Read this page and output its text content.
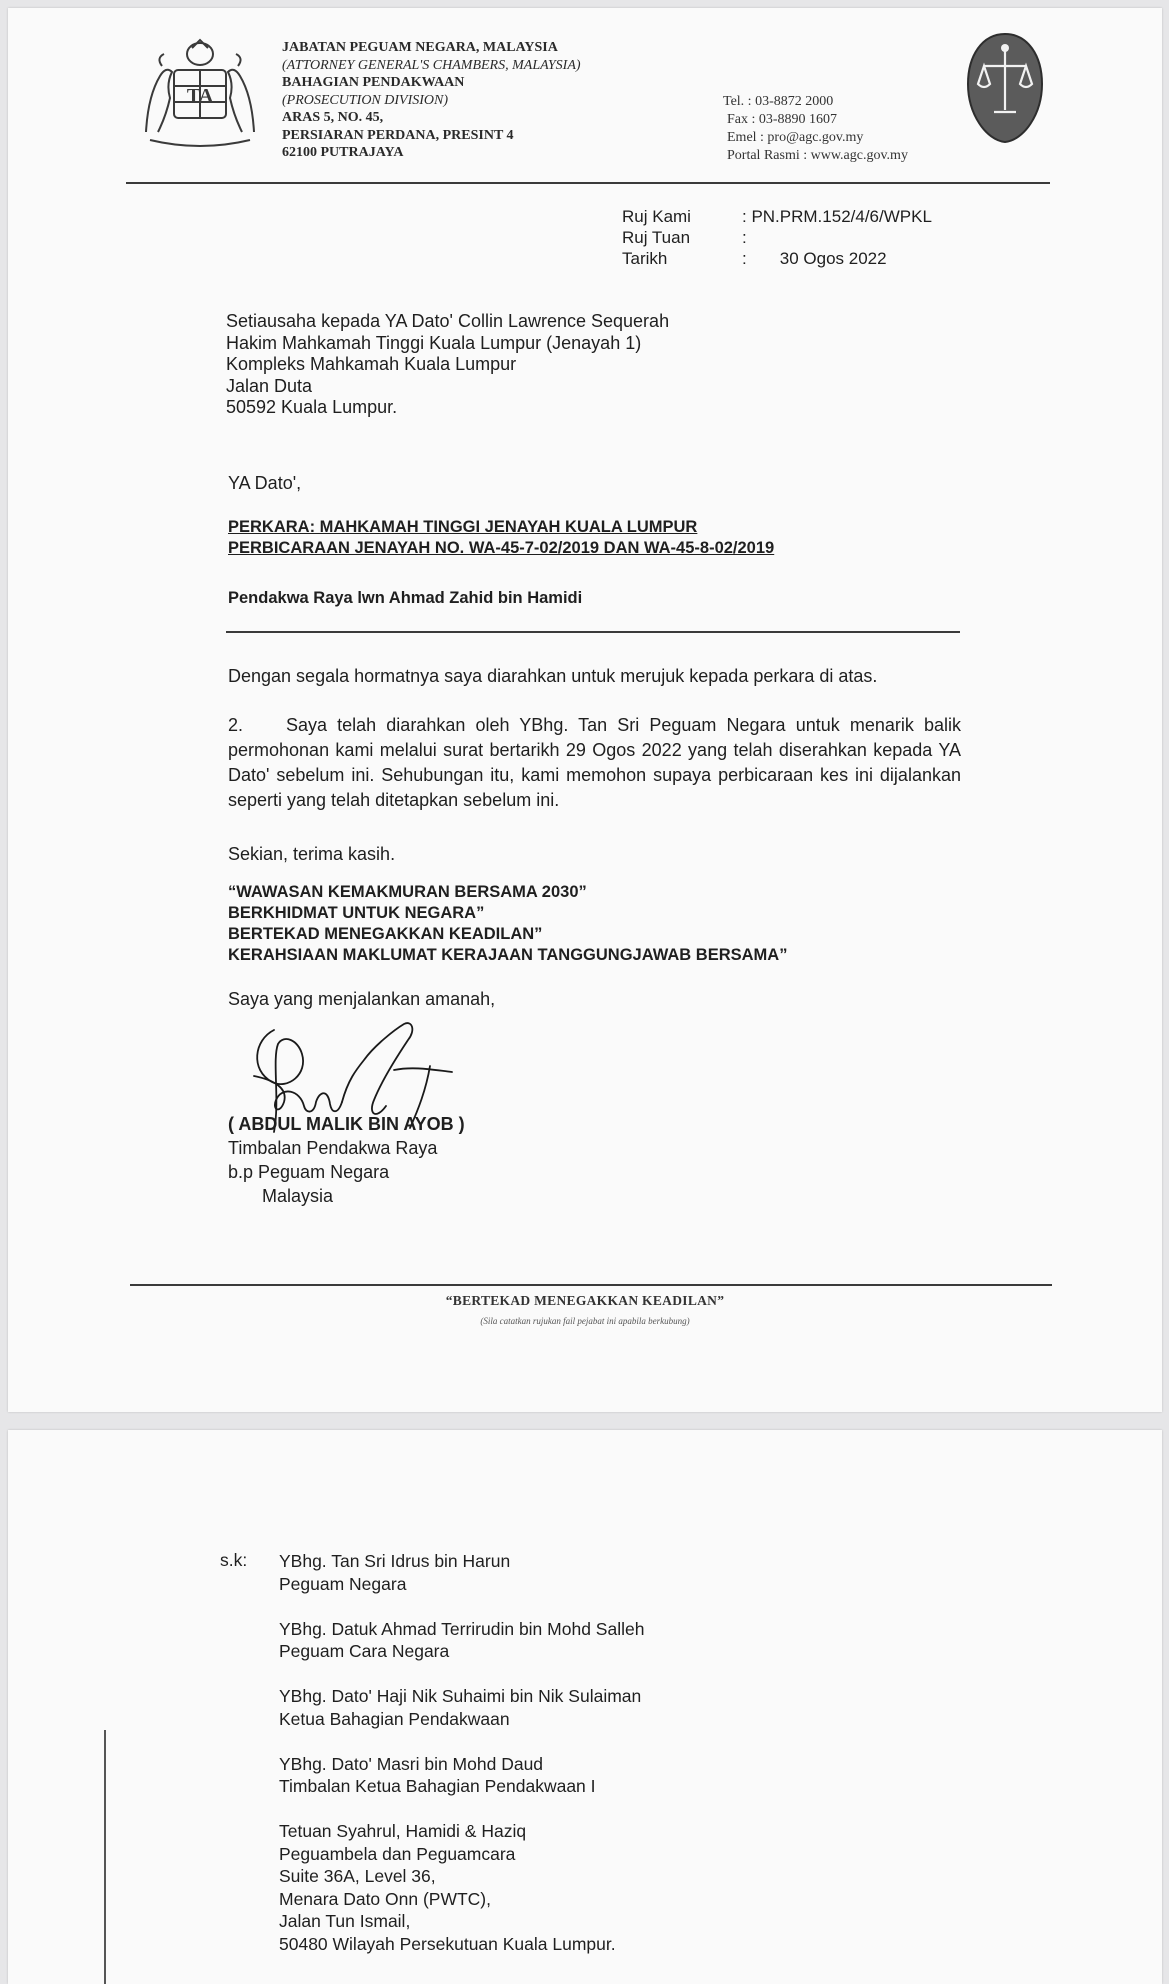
TA
JABATAN PEGUAM NEGARA, MALAYSIA
(ATTORNEY GENERAL'S CHAMBERS, MALAYSIA)
BAHAGIAN PENDAKWAAN
(PROSECUTION DIVISION)
ARAS 5, NO. 45,
PERSIARAN PERDANA, PRESINT 4
62100 PUTRAJAYA
Tel. : 03-8872 2000
Fax : 03-8890 1607
Emel : pro@agc.gov.my
Portal Rasmi : www.agc.gov.my
Ruj Kami	: PN.PRM.152/4/6/WPKL
Ruj Tuan	:
Tarikh	:       30 Ogos 2022
Setiausaha kepada YA Dato' Collin Lawrence Sequerah
Hakim Mahkamah Tinggi Kuala Lumpur (Jenayah 1)
Kompleks Mahkamah Kuala Lumpur
Jalan Duta
50592 Kuala Lumpur.
YA Dato',
PERKARA: MAHKAMAH TINGGI JENAYAH KUALA LUMPUR
PERBICARAAN JENAYAH NO. WA-45-7-02/2019 DAN WA-45-8-02/2019
Pendakwa Raya lwn Ahmad Zahid bin Hamidi
Dengan segala hormatnya saya diarahkan untuk merujuk kepada perkara di atas.
2. Saya telah diarahkan oleh YBhg. Tan Sri Peguam Negara untuk menarik balik permohonan kami melalui surat bertarikh 29 Ogos 2022 yang telah diserahkan kepada YA Dato' sebelum ini. Sehubungan itu, kami memohon supaya perbicaraan kes ini dijalankan seperti yang telah ditetapkan sebelum ini.
Sekian, terima kasih.
“WAWASAN KEMAKMURAN BERSAMA 2030”
BERKHIDMAT UNTUK NEGARA”
BERTEKAD MENEGAKKAN KEADILAN”
KERAHSIAAN MAKLUMAT KERAJAAN TANGGUNGJAWAB BERSAMA”
Saya yang menjalankan amanah,
( ABDUL MALIK BIN AYOB )
Timbalan Pendakwa Raya
b.p Peguam Negara
Malaysia
“BERTEKAD MENEGAKKAN KEADILAN”
(Sila catatkan rujukan fail pejabat ini apabila berkubung)
s.k: YBhg. Tan Sri Idrus bin Harun
Peguam Negara
YBhg. Datuk Ahmad Terrirudin bin Mohd Salleh
Peguam Cara Negara
YBhg. Dato' Haji Nik Suhaimi bin Nik Sulaiman
Ketua Bahagian Pendakwaan
YBhg. Dato' Masri bin Mohd Daud
Timbalan Ketua Bahagian Pendakwaan I
Tetuan Syahrul, Hamidi & Haziq
Peguambela dan Peguamcara
Suite 36A, Level 36,
Menara Dato Onn (PWTC),
Jalan Tun Ismail,
50480 Wilayah Persekutuan Kuala Lumpur.
